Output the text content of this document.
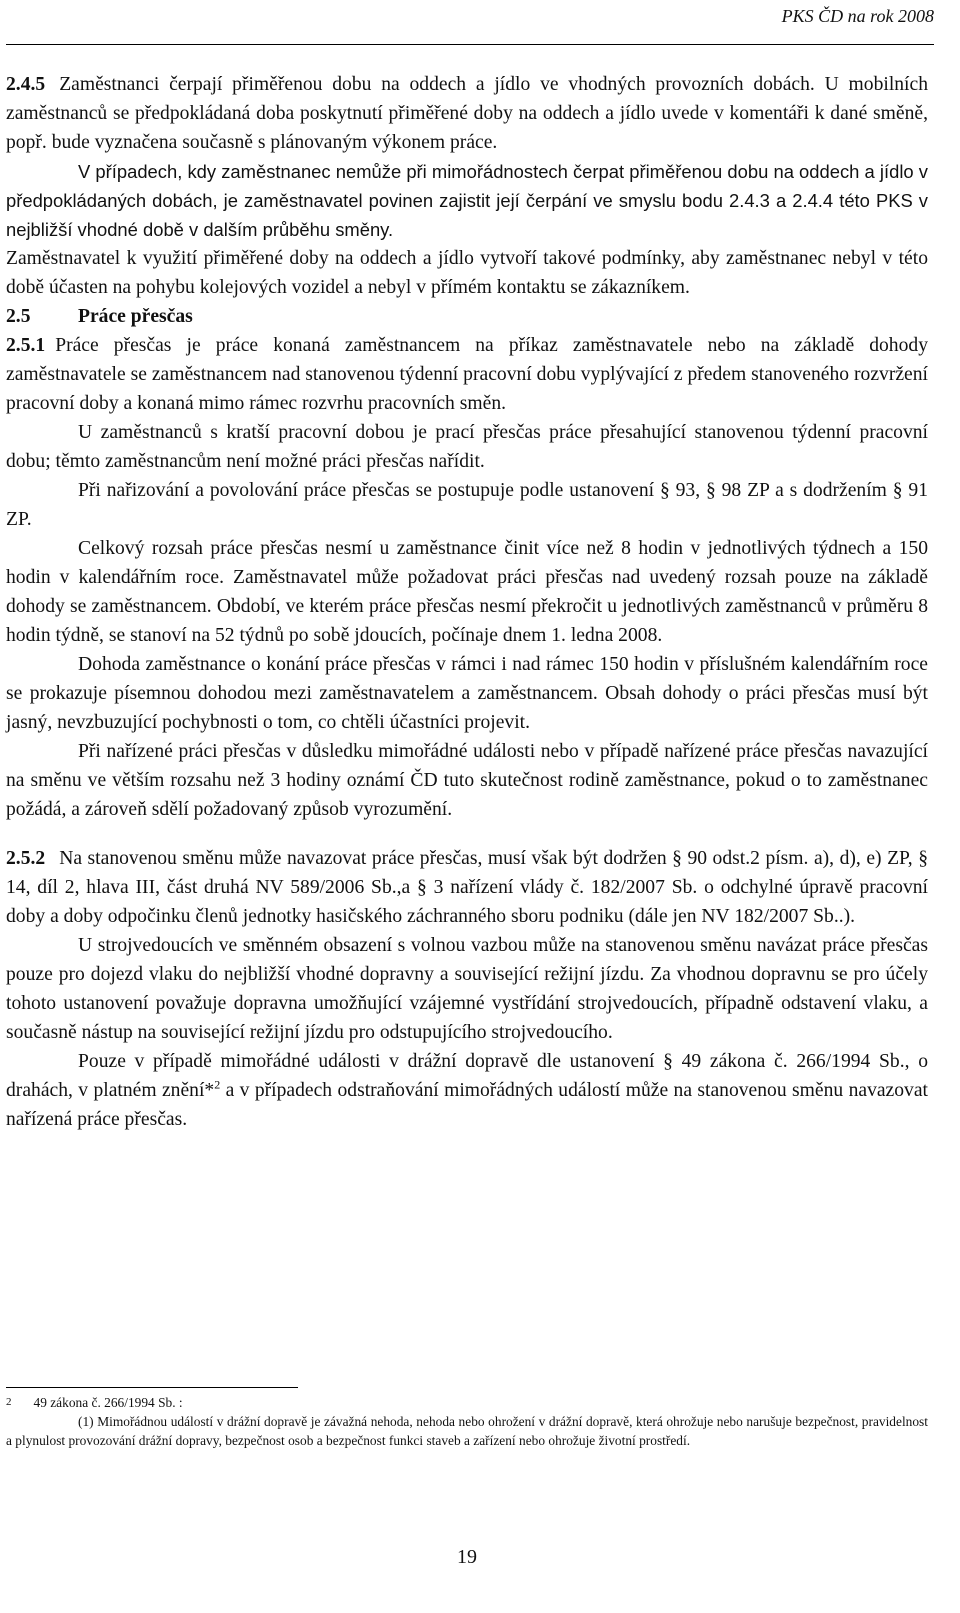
PKS ČD na rok 2008

2.4.5 Zaměstnanci čerpají přiměřenou dobu na oddech a jídlo ve vhodných provozních dobách. U mobilních zaměstnanců se předpokládaná doba poskytnutí přiměřené doby na oddech a jídlo uvede v komentáři k dané směně, popř. bude vyznačena současně s plánovaným výkonem práce.

V případech, kdy zaměstnanec nemůže při mimořádnostech čerpat přiměřenou dobu na oddech a jídlo v předpokládaných dobách, je zaměstnavatel povinen zajistit její čerpání ve smyslu bodu 2.4.3 a 2.4.4 této PKS v nejbližší vhodné době v dalším průběhu směny.

Zaměstnavatel k využití přiměřené doby na oddech a jídlo vytvoří takové podmínky, aby zaměstnanec nebyl v této době účasten na pohybu kolejových vozidel a nebyl v přímém kontaktu se zákazníkem.

2.5 Práce přesčas

2.5.1 Práce přesčas je práce konaná zaměstnancem na příkaz zaměstnavatele nebo na základě dohody zaměstnavatele se zaměstnancem nad stanovenou týdenní pracovní dobu vyplývající z předem stanoveného rozvržení pracovní doby a konaná mimo rámec rozvrhu pracovních směn.

U zaměstnanců s kratší pracovní dobou je prací přesčas práce přesahující stanovenou týdenní pracovní dobu; těmto zaměstnancům není možné práci přesčas nařídit.

Při nařizování a povolování práce přesčas se postupuje podle ustanovení § 93, § 98 ZP a s dodržením § 91 ZP.

Celkový rozsah práce přesčas nesmí u zaměstnance činit více než 8 hodin v jednotlivých týdnech a 150 hodin v kalendářním roce. Zaměstnavatel může požadovat práci přesčas nad uvedený rozsah pouze na základě dohody se zaměstnancem. Období, ve kterém práce přesčas nesmí překročit u jednotlivých zaměstnanců v průměru 8 hodin týdně, se stanoví na 52 týdnů po sobě jdoucích, počínaje dnem 1. ledna 2008.

Dohoda zaměstnance o konání práce přesčas v rámci i nad rámec 150 hodin v příslušném kalendářním roce se prokazuje písemnou dohodou mezi zaměstnavatelem a zaměstnancem. Obsah dohody o práci přesčas musí být jasný, nevzbuzující pochybnosti o tom, co chtěli účastníci projevit.

Při nařízené práci přesčas v důsledku mimořádné události nebo v případě nařízené práce přesčas navazující na směnu ve větším rozsahu než 3 hodiny oznámí ČD tuto skutečnost rodině zaměstnance, pokud o to zaměstnanec požádá, a zároveň sdělí požadovaný způsob vyrozumění.

2.5.2 Na stanovenou směnu může navazovat práce přesčas, musí však být dodržen § 90 odst.2 písm. a), d), e) ZP, § 14, díl 2, hlava III, část druhá NV 589/2006 Sb.,a § 3 nařízení vlády č. 182/2007 Sb. o odchylné úpravě pracovní doby a doby odpočinku členů jednotky hasičského záchranného sboru podniku (dále jen NV 182/2007 Sb..).

U strojvedoucích ve směnném obsazení s volnou vazbou může na stanovenou směnu navázat práce přesčas pouze pro dojezd vlaku do nejbližší vhodné dopravny a související režijní jízdu. Za vhodnou dopravnu se pro účely tohoto ustanovení považuje dopravna umožňující vzájemné vystřídání strojvedoucích, případně odstavení vlaku, a současně nástup na související režijní jízdu pro odstupujícího strojvedoucího.

Pouze v případě mimořádné události v drážní dopravě dle ustanovení § 49 zákona č. 266/1994 Sb., o drahách, v platném znění*$^2$ a v případech odstraňování mimořádných událostí může na stanovenou směnu navazovat nařízená práce přesčas.

$^2$ 49 zákona č. 266/1994 Sb. :

(1) Mimořádnou událostí v drážní dopravě je závažná nehoda, nehoda nebo ohrožení v drážní dopravě, která ohrožuje nebo narušuje bezpečnost, pravidelnost a plynulost provozování drážní dopravy, bezpečnost osob a bezpečnost funkci staveb a zařízení nebo ohrožuje životní prostředí.

19
